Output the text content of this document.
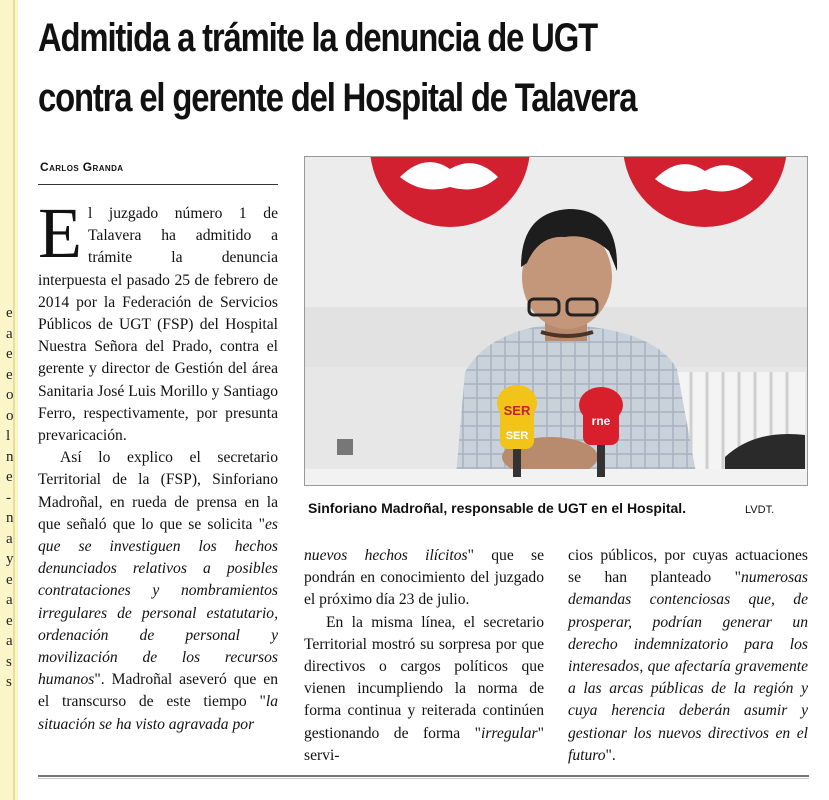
e
a
e
e
o
o
l
n
e
-
n
a
y
e
a
e
a
s
s
Admitida a trámite la denuncia de UGT
contra el gerente del Hospital de Talavera
Carlos Granda

El juzgado número 1 de Talavera ha admitido a trámite la denuncia interpuesta el pasado 25 de febrero de 2014 por la Federación de Servicios Públicos de UGT (FSP) del Hospital Nuestra Señora del Prado, contra el gerente y director de Gestión del área Sanitaria José Luis Morillo y Santiago Ferro, respectivamente, por presunta prevaricación.

Así lo explico el secretario Territorial de la (FSP), Sinforiano Madroñal, en rueda de prensa en la que señaló que lo que se solicita "es que se investiguen los hechos denunciados relativos a posibles contrataciones y nombramientos irregulares de personal estatutario, ordenación de personal y movilización de los recursos humanos". Madroñal aseveró que en el transcurso de este tiempo "la situación se ha visto agravada por

SER
SER
rne
Sinforiano Madroñal, responsable de UGT en el Hospital.	LVDT.

nuevos hechos ilícitos" que se pondrán en conocimiento del juzgado el próximo día 23 de julio.

En la misma línea, el secretario Territorial mostró su sorpresa por que directivos o cargos políticos que vienen incumpliendo la norma de forma continua y reiterada continúen gestionando de forma "irregular" servi-

cios públicos, por cuyas actuaciones se han planteado "numerosas demandas contenciosas que, de prosperar, podrían generar un derecho indemnizatorio para los interesados, que afectaría gravemente a las arcas públicas de la región y cuya herencia deberán asumir y gestionar los nuevos directivos en el futuro".
